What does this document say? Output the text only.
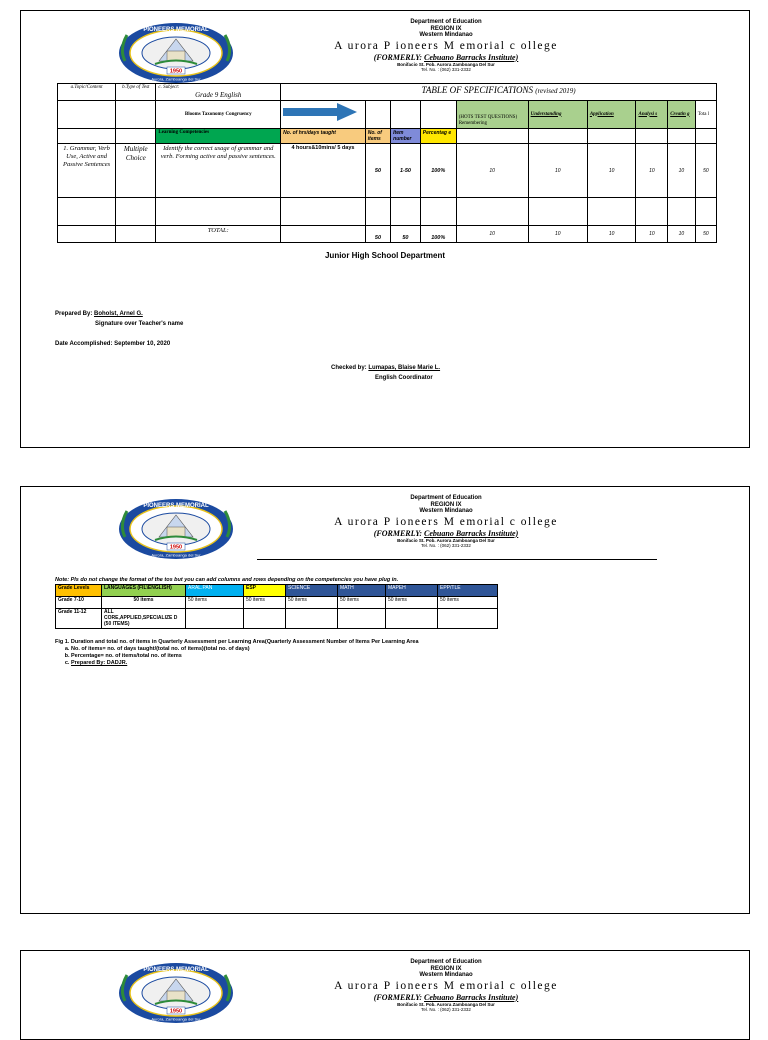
PIONEERS MEMORIAL
1950
Aurora, Zamboanga del Sur
Department of Education
REGION IX
Western Mindanao
A urora P ioneers M emorial c ollege
(FORMERLY: Cebuano Barracks Institute)
Bonifacio St. Pob. Aurora Zamboanga Del Sur
Tel. No. : (062) 331-2332
a.Topic/Content	b.Type of Test	c. Subject:
Grade 9 English	TABLE OF SPECIFICATIONS (revised 2019)									
		Blooms Taxonomy Congruency					(HOTS TEST QUESTIONS) Remembering	Understanding	Application	Analysi s	Creatin g	Tota l
		Learning Competencies	No. of hrs/days taught	No. of items	Item number	Percentag e						
1. Grammar, Verb Use, Active and Passive Sentences	Multiple Choice	Identify the correct usage of grammar and verb. Forming active and passive sentences.	4 hours&10mins/ 5 days	50	1-50	100%	10	10	10	10	10	50

		TOTAL:		50	50	100%	10	10	10	10	10	50
Junior High School Department
Prepared By: Boholst, Arnel G.
Signature over Teacher's name
Date Accomplished: September 10, 2020
Checked by: Lumapas, Blaise Marie L.
English Coordinator
PIONEERS MEMORIAL
1950
Aurora, Zamboanga del Sur
Department of Education
REGION IX
Western Mindanao
A urora P ioneers M emorial c ollege
(FORMERLY: Cebuano Barracks Institute)
Bonifacio St. Pob. Aurora Zamboanga Del Sur
Tel. No. : (062) 331-2332
Note: Pls do not change the format of the tos but you can add columns and rows depending on the competencies you have plug in.
Grade Levels	LANGUAGES (FIL\ENGLISH)	ARAL.PAN	ESP	SCIENCE	MATH	MAPEH	EPP/TLE
Grade 7-10	50 items	50 items	50 items	50 items	50 items	50 items	50 items
Grade 11-12	ALL CORE,APPLIED,SPECIALIZE D (50 ITEMS)						
Fig 1. Duration and total no. of items in Quarterly Assessment per Learning Area(Quarterly Assessment Number of Items Per Learning Area
a. No. of items= no. of days taught/(total no. of items)(total no. of days)
b. Percentage= no. of items/total no. of items
c. Prepared By: DADJR.
PIONEERS MEMORIAL
1950
Aurora, Zamboanga del Sur
Department of Education
REGION IX
Western Mindanao
A urora P ioneers M emorial c ollege
(FORMERLY: Cebuano Barracks Institute)
Bonifacio St. Pob. Aurora Zamboanga Del Sur
Tel. No. : (062) 331-2332
